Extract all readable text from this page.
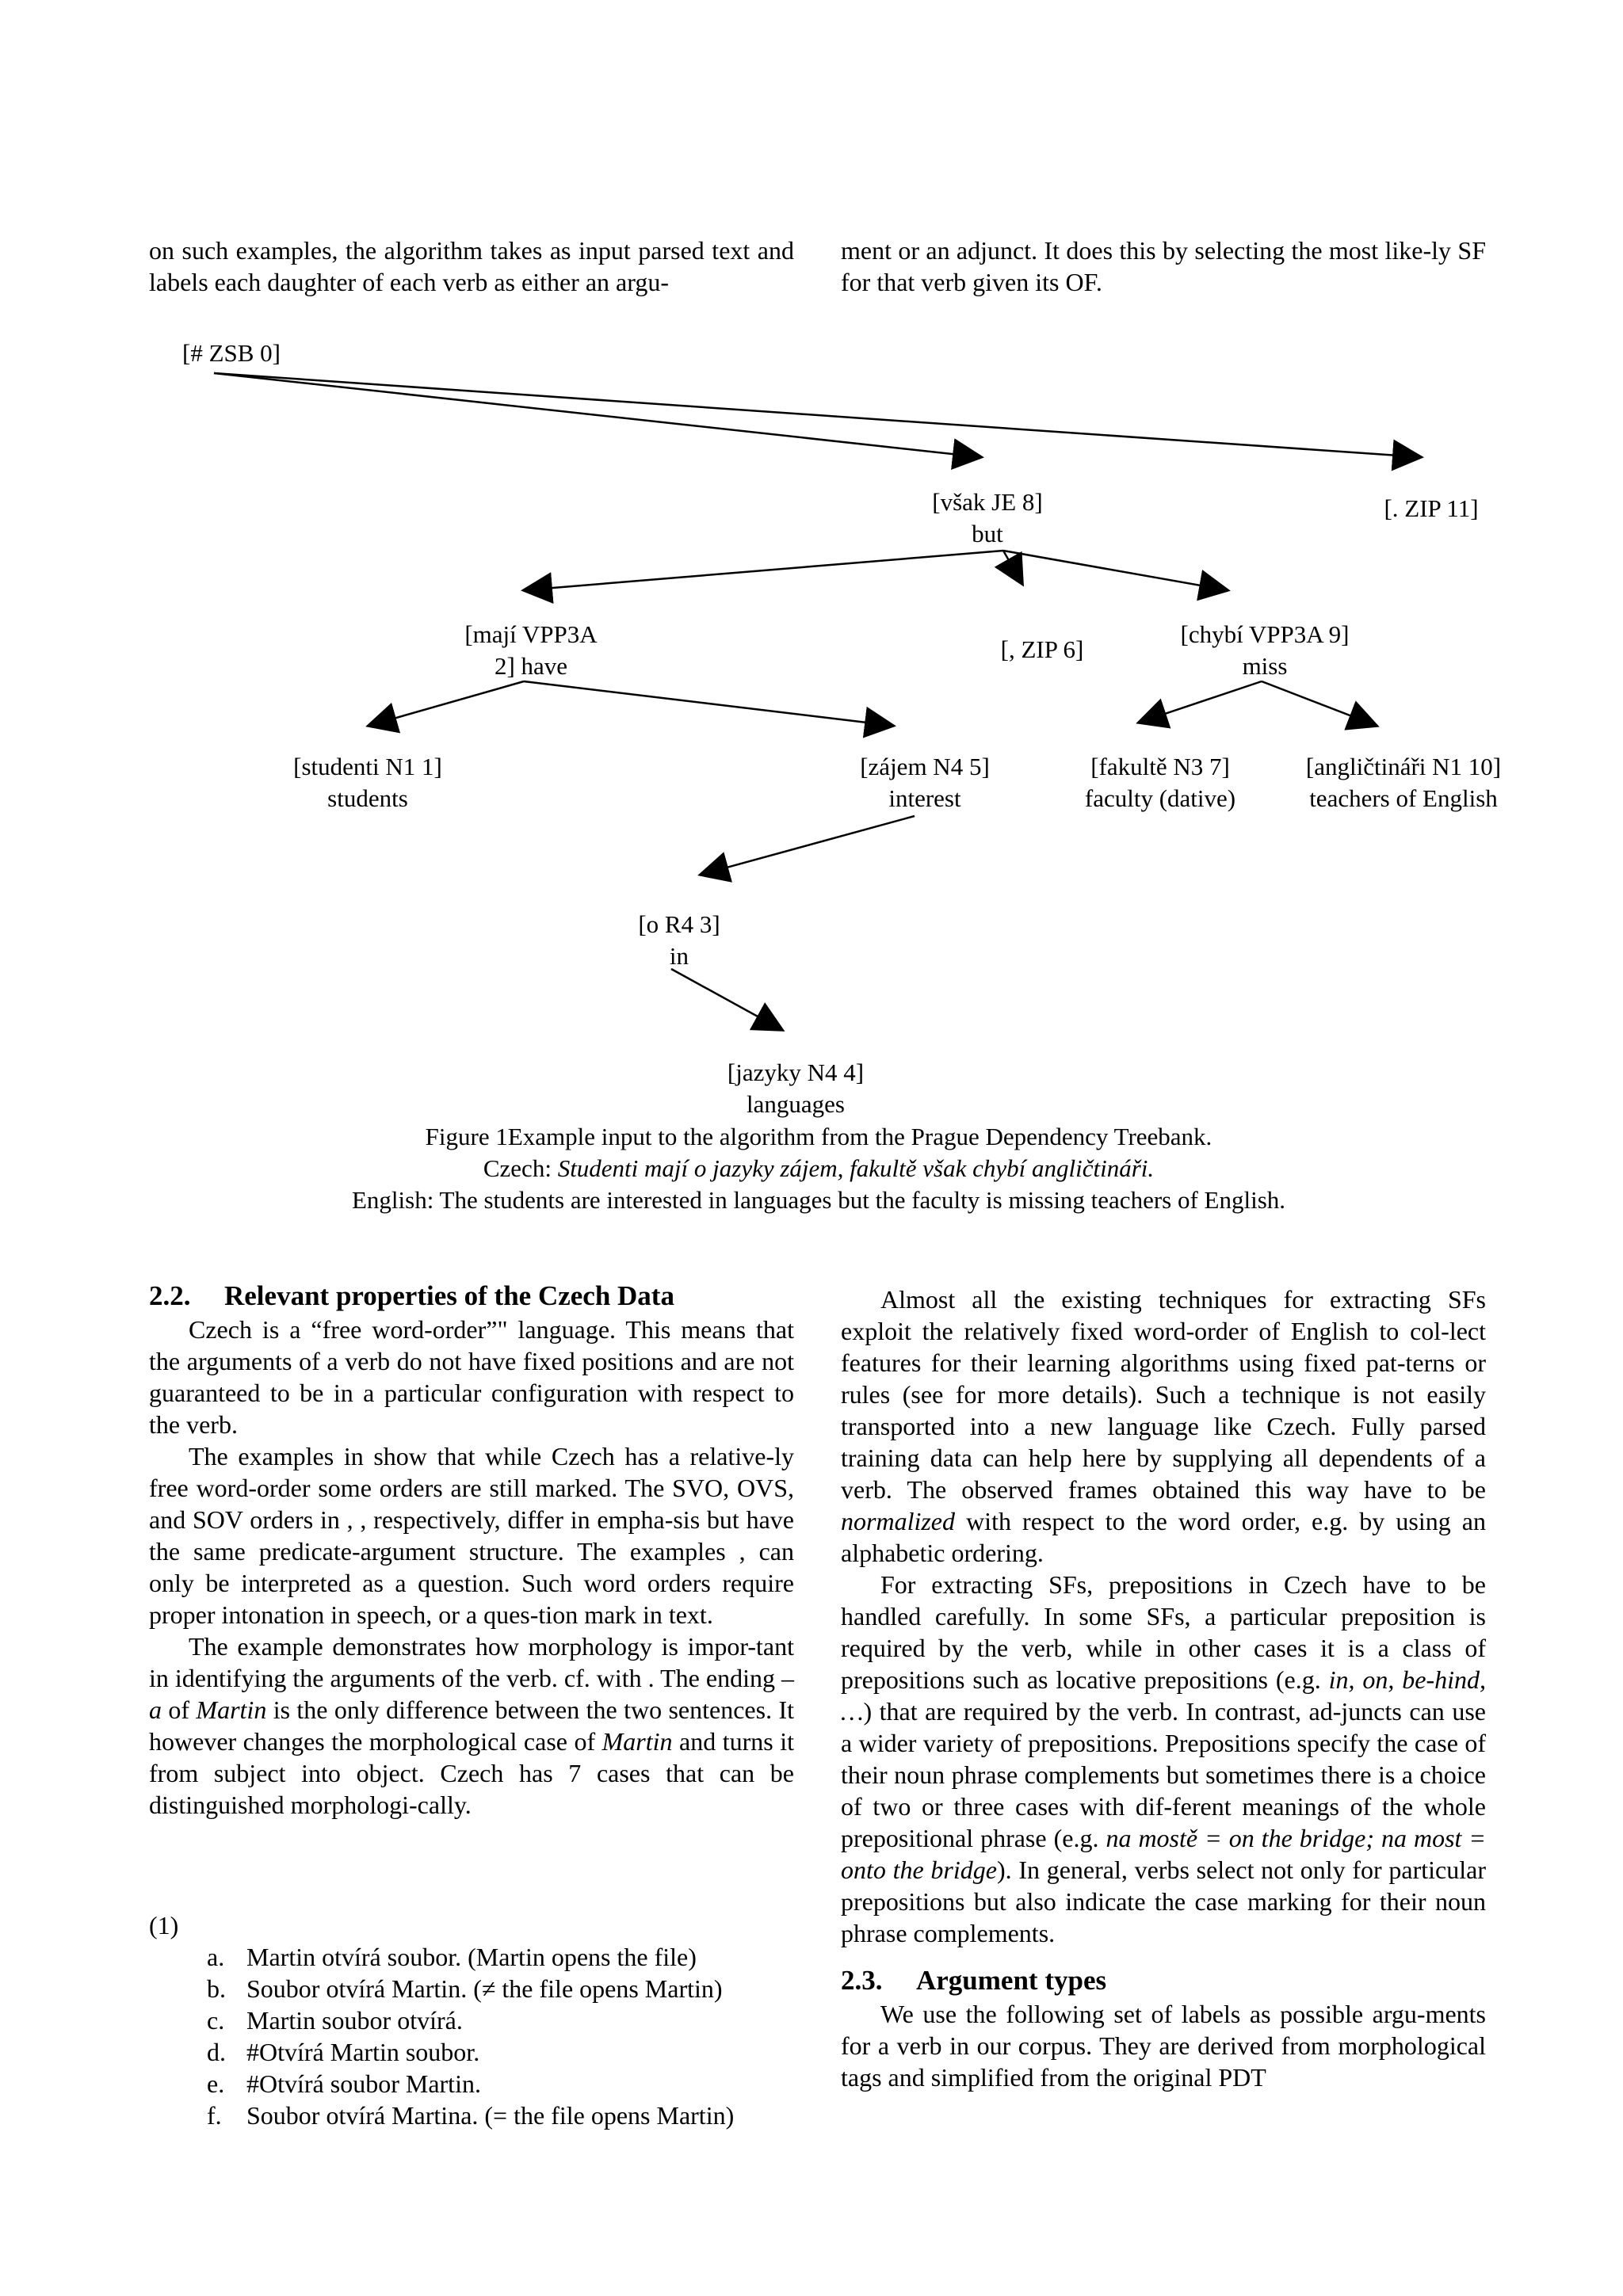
on such examples, the algorithm takes as input parsed text and labels each daughter of each verb as either an argu-

ment or an adjunct. It does this by selecting the most like-ly SF for that verb given its OF.

[# ZSB 0]
[však JE 8]
but
[. ZIP 11]
[mají VPP3A
2] have
[, ZIP 6]
[chybí VPP3A 9]
miss
[studenti N1 1]
students
[zájem N4 5]
interest
[fakultě N3 7]
faculty (dative)
[angličtináři N1 10]
teachers of English
[o R4 3]
in
[jazyky N4 4]
languages
Figure 1Example input to the algorithm from the Prague Dependency Treebank.
Czech: Studenti mají o jazyky zájem, fakultě však chybí angličtináři.
English: The students are interested in languages but the faculty is missing teachers of English.
2.2. Relevant properties of the Czech Data

Czech is a “free word-order”" language. This means that the arguments of a verb do not have fixed positions and are not guaranteed to be in a particular configuration with respect to the verb.

The examples in show that while Czech has a relative-ly free word-order some orders are still marked. The SVO, OVS, and SOV orders in , , respectively, differ in empha-sis but have the same predicate-argument structure. The examples , can only be interpreted as a question. Such word orders require proper intonation in speech, or a ques-tion mark in text.

The example demonstrates how morphology is impor-tant in identifying the arguments of the verb. cf. with . The ending –a of Martin is the only difference between the two sentences. It however changes the morphological case of Martin and turns it from subject into object. Czech has 7 cases that can be distinguished morphologi-cally.

(1)
a. Martin otvírá soubor. (Martin opens the file)
b. Soubor otvírá Martin. (≠ the file opens Martin)
c. Martin soubor otvírá.
d. #Otvírá Martin soubor.
e. #Otvírá soubor Martin.
f. Soubor otvírá Martina. (= the file opens Martin)

Almost all the existing techniques for extracting SFs exploit the relatively fixed word-order of English to col-lect features for their learning algorithms using fixed pat-terns or rules (see for more details). Such a technique is not easily transported into a new language like Czech. Fully parsed training data can help here by supplying all dependents of a verb. The observed frames obtained this way have to be normalized with respect to the word order, e.g. by using an alphabetic ordering.

For extracting SFs, prepositions in Czech have to be handled carefully. In some SFs, a particular preposition is required by the verb, while in other cases it is a class of prepositions such as locative prepositions (e.g. in, on, be-hind, …) that are required by the verb. In contrast, ad-juncts can use a wider variety of prepositions. Prepositions specify the case of their noun phrase complements but sometimes there is a choice of two or three cases with dif-ferent meanings of the whole prepositional phrase (e.g. na mostě = on the bridge; na most = onto the bridge). In general, verbs select not only for particular prepositions but also indicate the case marking for their noun phrase complements.

2.3. Argument types

We use the following set of labels as possible argu-ments for a verb in our corpus. They are derived from morphological tags and simplified from the original PDT
